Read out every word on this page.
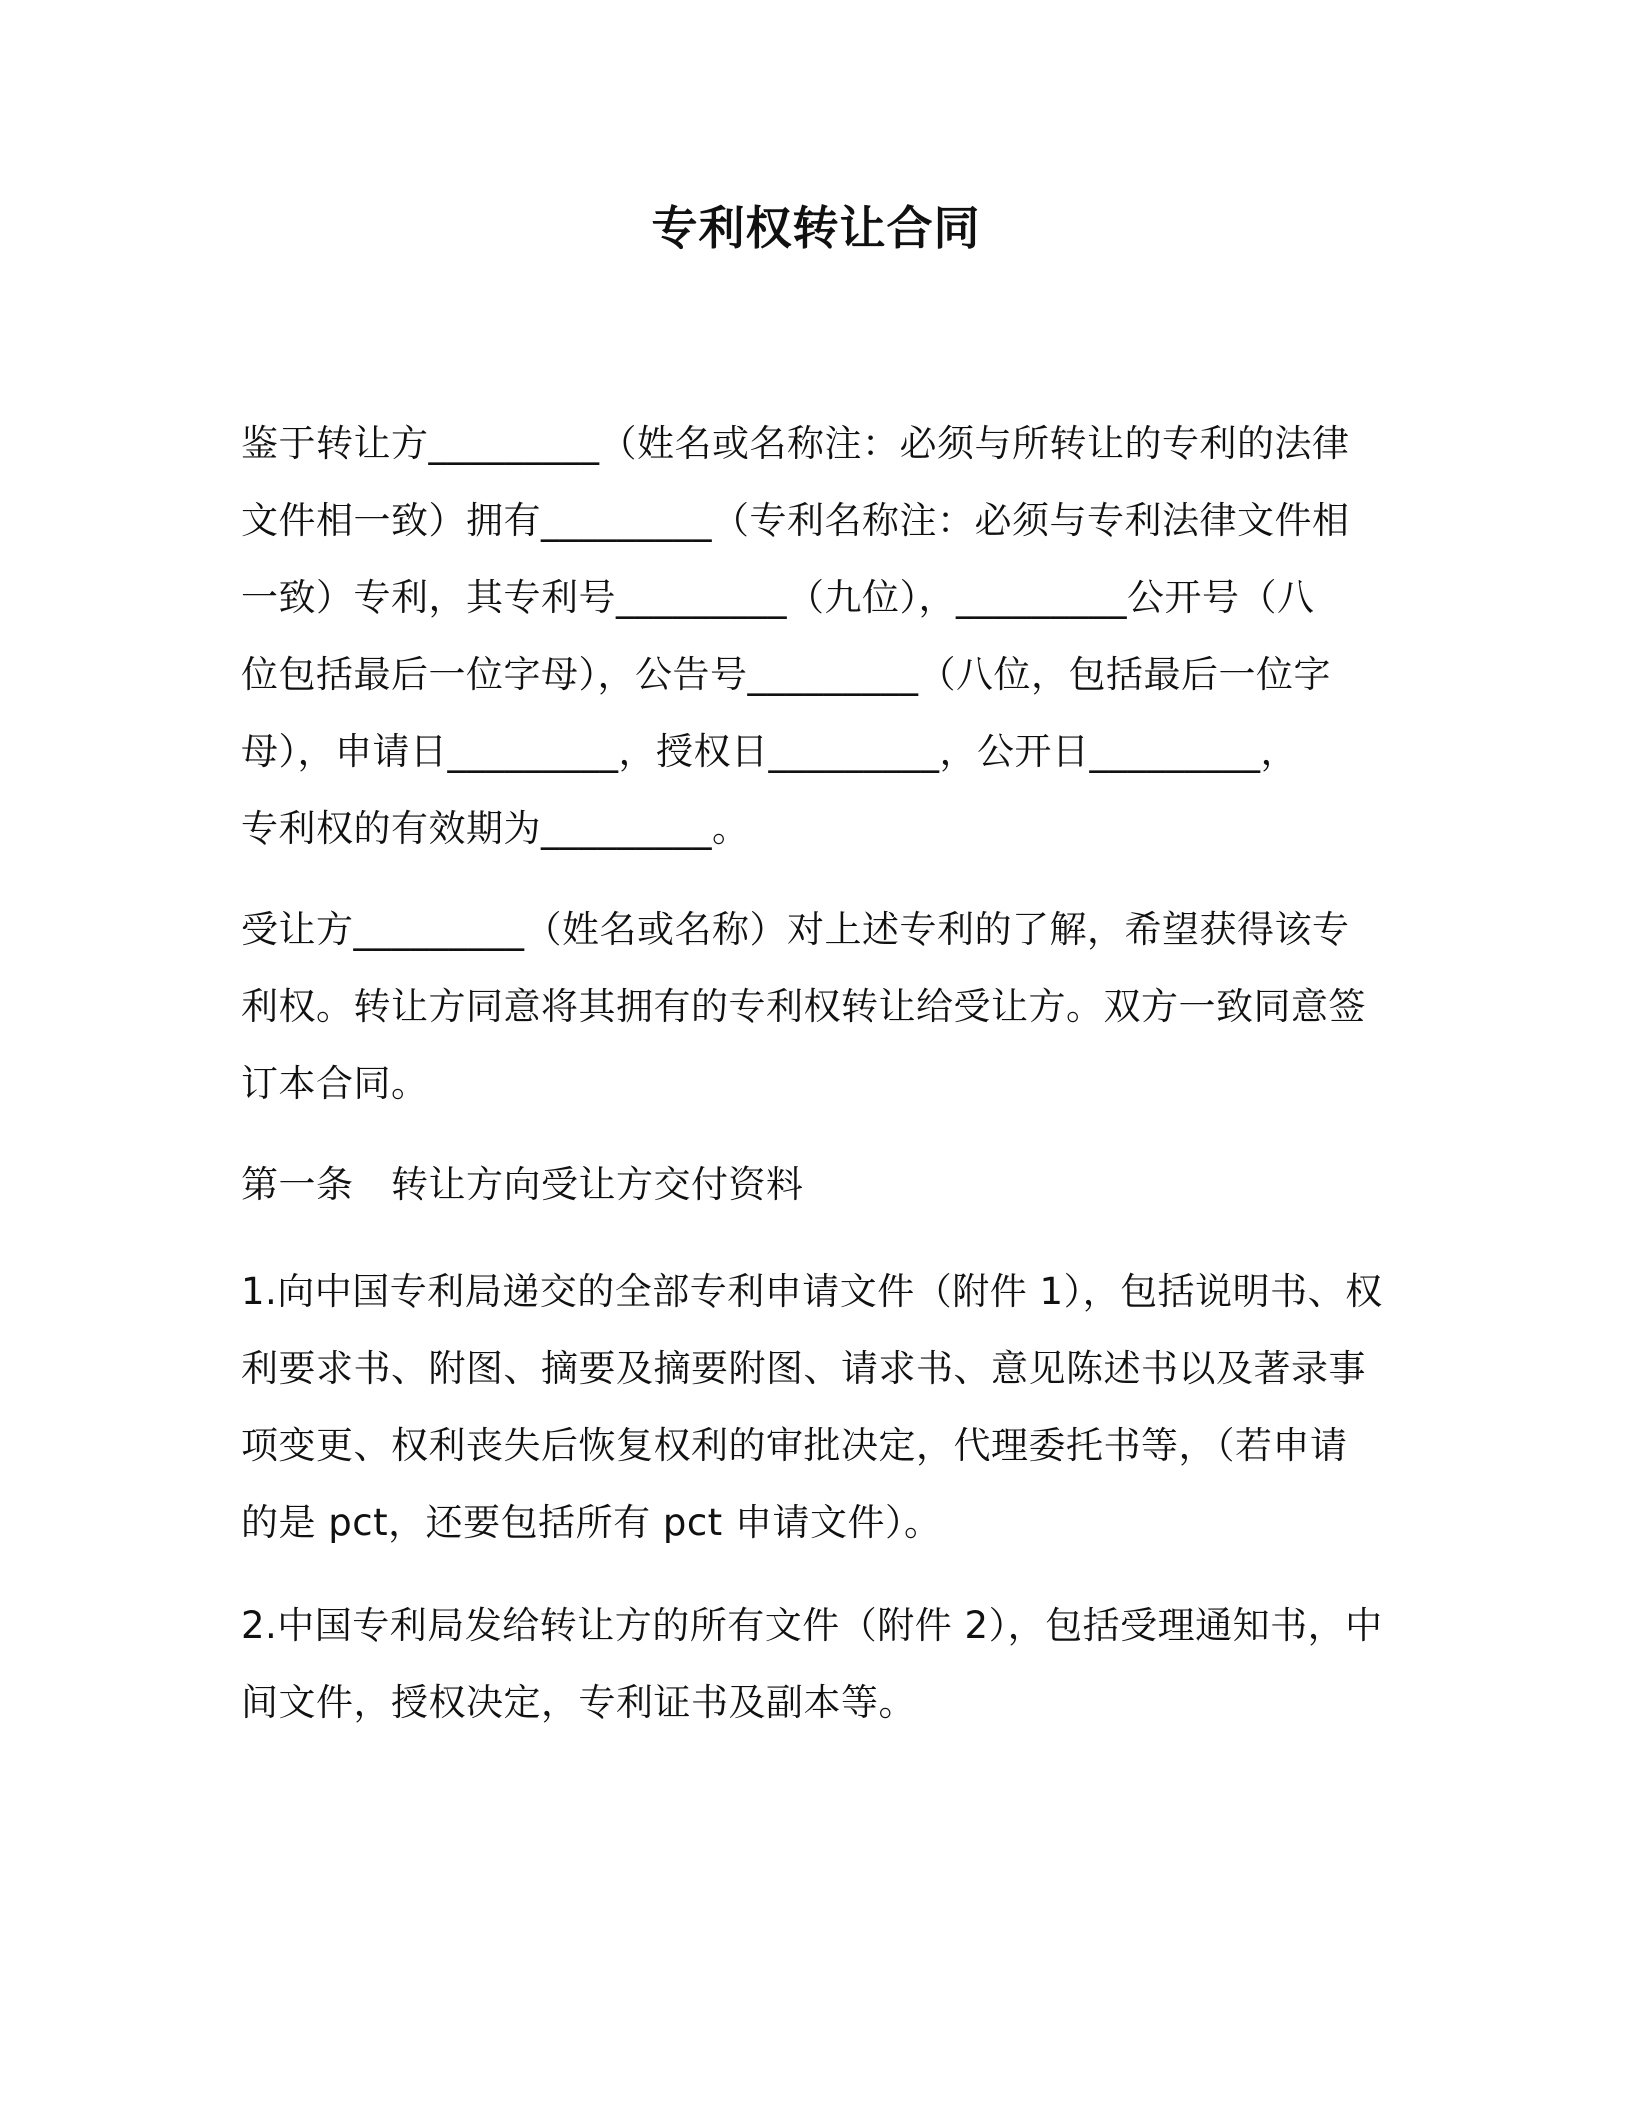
专利权转让合同
鉴于转让方_________（姓名或名称注：必须与所转让的专利的法律
文件相一致）拥有_________（专利名称注：必须与专利法律文件相
一致）专利，其专利号_________（九位），_________公开号（八
位包括最后一位字母），公告号_________（八位，包括最后一位字
母），申请日_________，授权日_________，公开日_________，
专利权的有效期为_________。
受让方_________（姓名或名称）对上述专利的了解，希望获得该专
利权。转让方同意将其拥有的专利权转让给受让方。双方一致同意签
订本合同。
第一条　转让方向受让方交付资料
1.向中国专利局递交的全部专利申请文件（附件 1），包括说明书、权
利要求书、附图、摘要及摘要附图、请求书、意见陈述书以及著录事
项变更、权利丧失后恢复权利的审批决定，代理委托书等，（若申请
的是 pct，还要包括所有 pct 申请文件）。
2.中国专利局发给转让方的所有文件（附件 2），包括受理通知书，中
间文件，授权决定，专利证书及副本等。
